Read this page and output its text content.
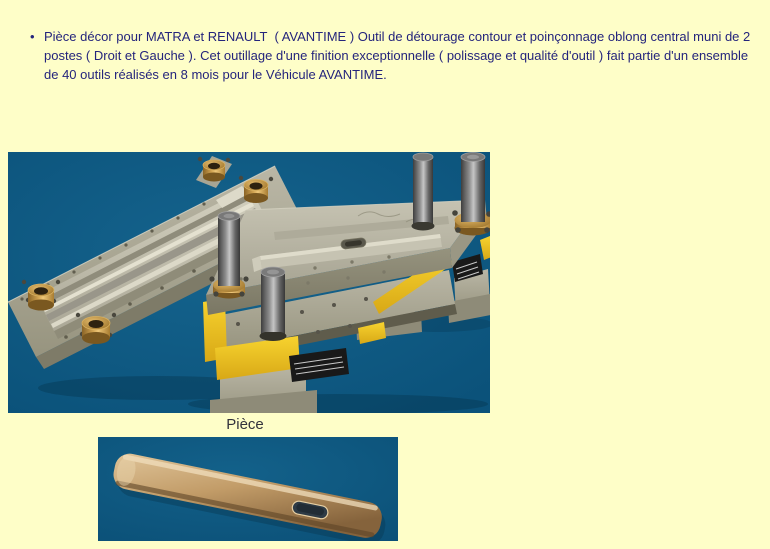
• Pièce décor pour MATRA et RENAULT  ( AVANTIME ) Outil de détourage contour et poinçonnage oblong central muni de 2 postes ( Droit et Gauche ). Cet outillage d'une finition exceptionnelle ( polissage et qualité d'outil ) fait partie d'un ensemble de 40 outils réalisés en 8 mois pour le Véhicule AVANTIME.
Pièce
